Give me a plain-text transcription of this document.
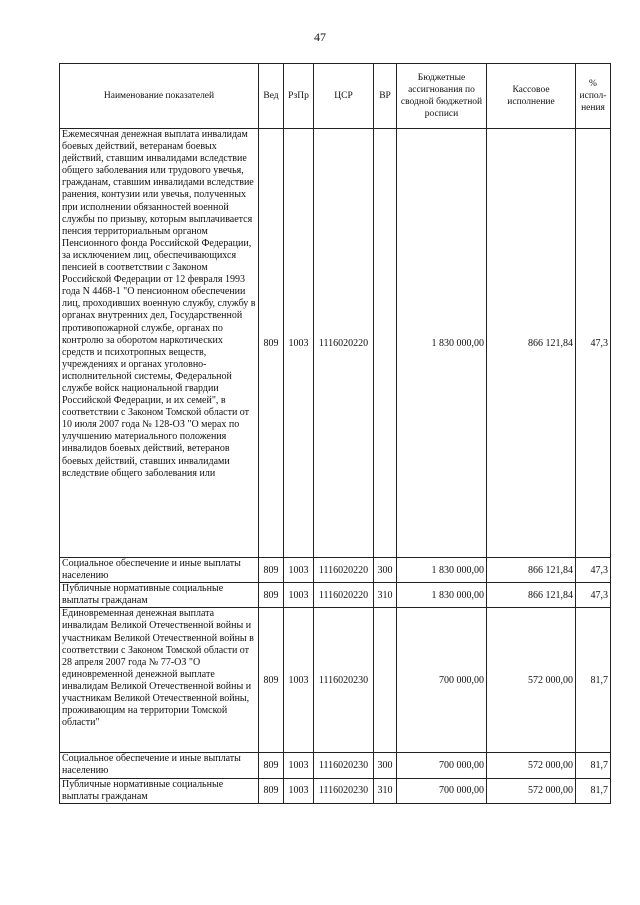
47
Наименование показателей	Вед	РзПр	ЦСР	ВР	Бюджетные ассигнования по сводной бюджетной росписи	Кассовое исполнение	% испол-нения

Ежемесячная денежная выплата инвалидам боевых действий, ветеранам боевых действий, ставшим инвалидами вследствие общего заболевания или трудового увечья, гражданам, ставшим инвалидами вследствие ранения, контузии или увечья, полученных при исполнении обязанностей военной службы по призыву, которым выплачивается пенсия территориальным органом Пенсионного фонда Российской Федерации, за исключением лиц, обеспечивающихся пенсией в соответствии с Законом Российской Федерации от 12 февраля 1993 года N 4468-1 "О пенсионном обеспечении лиц, проходивших военную службу, службу в органах внутренних дел, Государственной противопожарной службе, органах по контролю за оборотом наркотических средств и психотропных веществ, учреждениях и органах уголовно-исполнительной системы, Федеральной службе войск национальной гвардии Российской Федерации, и их семей", в соответствии с Законом Томской области от 10 июля 2007 года № 128-ОЗ "О мерах по улучшению материального положения инвалидов боевых действий, ветеранов боевых действий, ставших инвалидами вследствие общего заболевания или	809	1003	1116020220		1 830 000,00	866 121,84	47,3
Социальное обеспечение и иные выплаты населению	809	1003	1116020220	300	1 830 000,00	866 121,84	47,3
Публичные нормативные социальные выплаты гражданам	809	1003	1116020220	310	1 830 000,00	866 121,84	47,3
Единовременная денежная выплата инвалидам Великой Отечественной войны и участникам Великой Отечественной войны в соответствии с Законом Томской области от 28 апреля 2007 года № 77-ОЗ "О единовременной денежной выплате инвалидам Великой Отечественной войны и участникам Великой Отечественной войны, проживающим на территории Томской области"	809	1003	1116020230		700 000,00	572 000,00	81,7
Социальное обеспечение и иные выплаты населению	809	1003	1116020230	300	700 000,00	572 000,00	81,7
Публичные нормативные социальные выплаты гражданам	809	1003	1116020230	310	700 000,00	572 000,00	81,7
